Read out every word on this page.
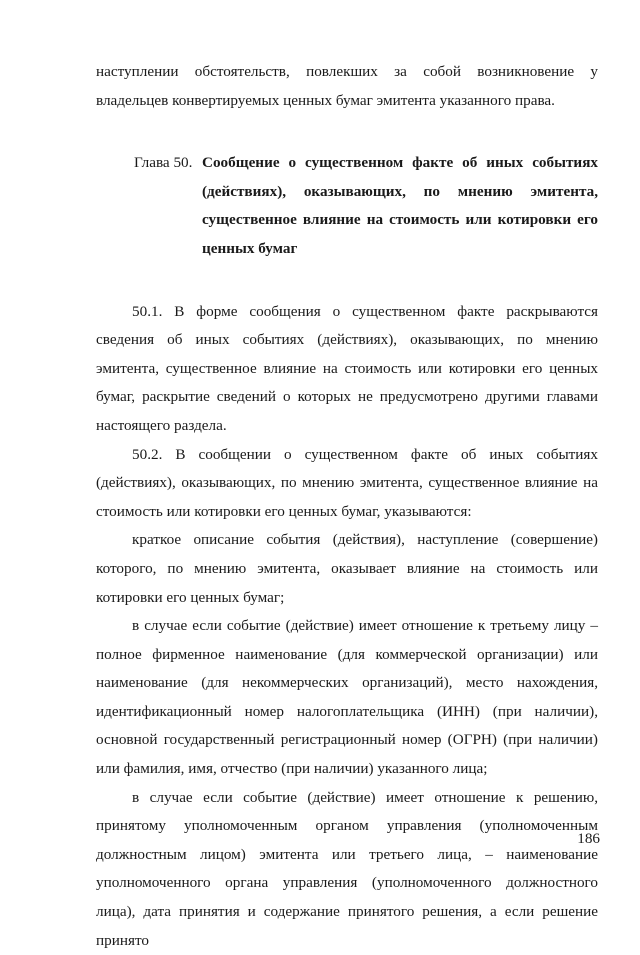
наступлении обстоятельств, повлекших за собой возникновение у владельцев конвертируемых ценных бумаг эмитента указанного права.

Глава 50. Сообщение о существенном факте об иных событиях (действиях), оказывающих, по мнению эмитента, существенное влияние на стоимость или котировки его ценных бумаг

50.1. В форме сообщения о существенном факте раскрываются сведения об иных событиях (действиях), оказывающих, по мнению эмитента, существенное влияние на стоимость или котировки его ценных бумаг, раскрытие сведений о которых не предусмотрено другими главами настоящего раздела.

50.2. В сообщении о существенном факте об иных событиях (действиях), оказывающих, по мнению эмитента, существенное влияние на стоимость или котировки его ценных бумаг, указываются:

краткое описание события (действия), наступление (совершение) которого, по мнению эмитента, оказывает влияние на стоимость или котировки его ценных бумаг;

в случае если событие (действие) имеет отношение к третьему лицу – полное фирменное наименование (для коммерческой организации) или наименование (для некоммерческих организаций), место нахождения, идентификационный номер налогоплательщика (ИНН) (при наличии), основной государственный регистрационный номер (ОГРН) (при наличии) или фамилия, имя, отчество (при наличии) указанного лица;

в случае если событие (действие) имеет отношение к решению, принятому уполномоченным органом управления (уполномоченным должностным лицом) эмитента или третьего лица, – наименование уполномоченного органа управления (уполномоченного должностного лица), дата принятия и содержание принятого решения, а если решение принято

186
